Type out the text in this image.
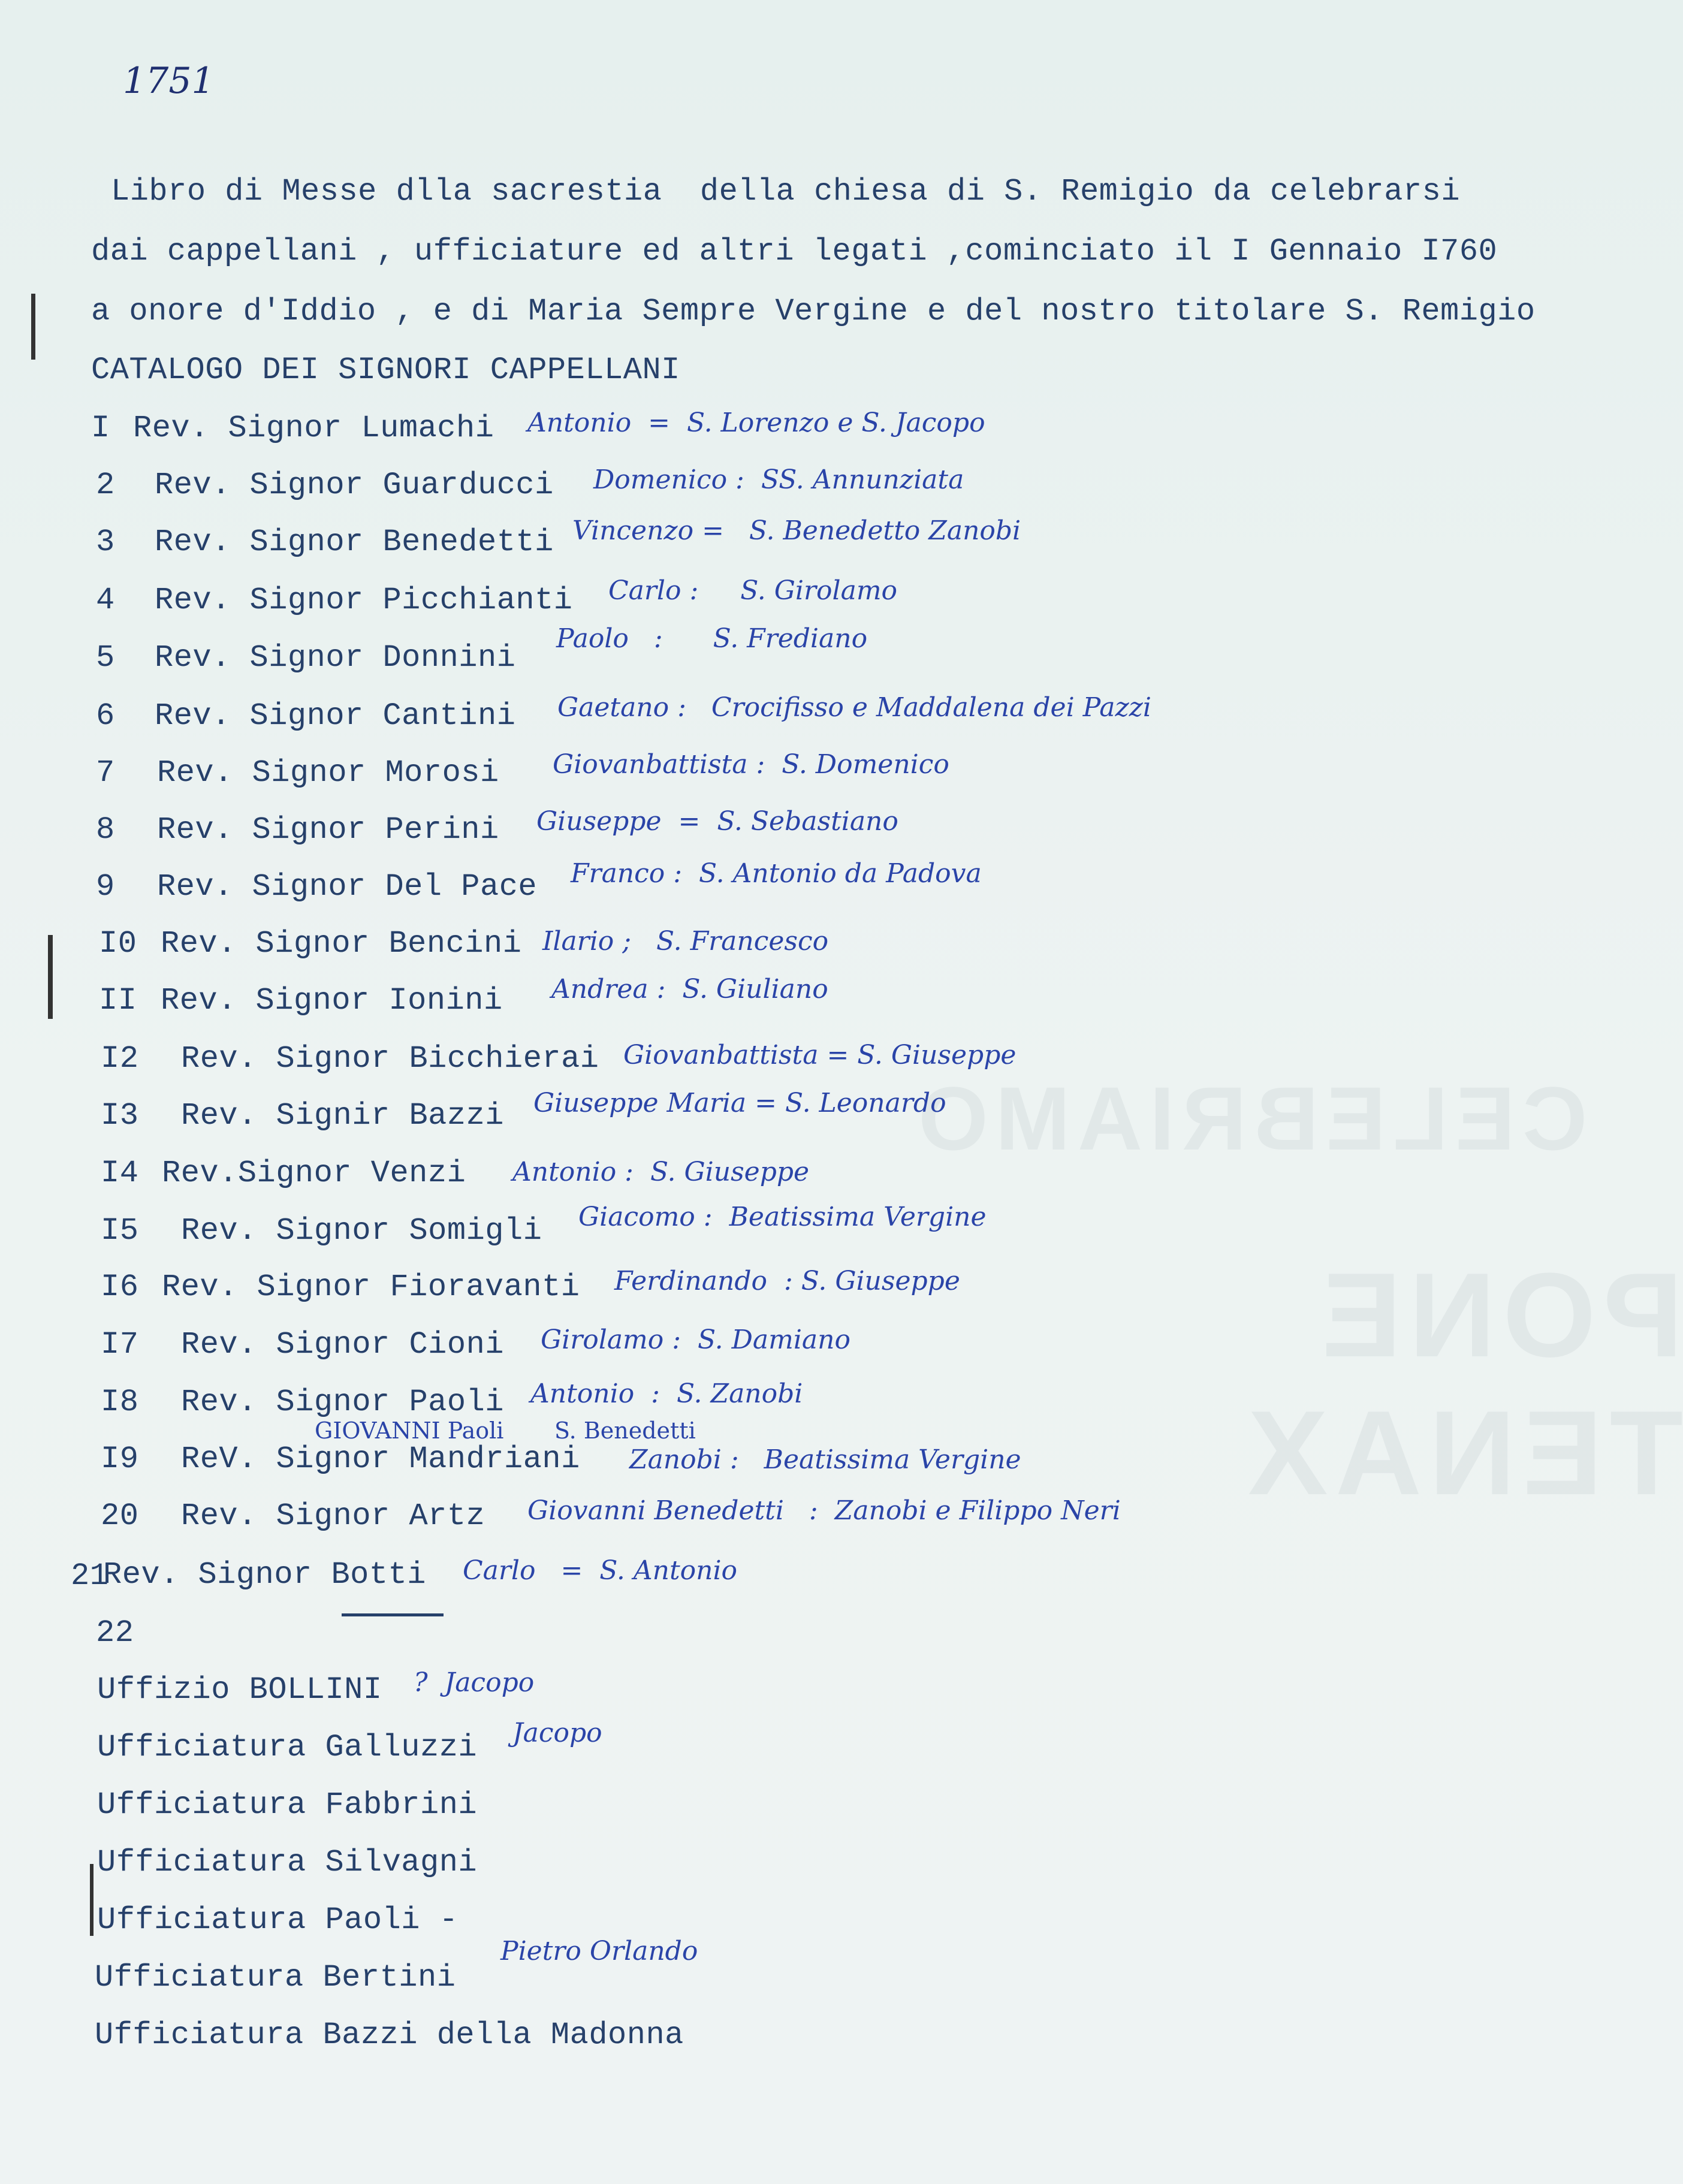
CELEBRIAMO
PONE TENAX
1751
Libro di Messe dlla sacrestia  della chiesa di S. Remigio da celebrarsi
dai cappellani , ufficiature ed altri legati ,cominciato il I Gennaio I760
a onore d'Iddio , e di Maria Sempre Vergine e del nostro titolare S. Remigio
CATALOGO DEI SIGNORI CAPPELLANI
I Rev. Signor Lumachi Antonio  =  S. Lorenzo e S. Jacopo
2 Rev. Signor Guarducci Domenico :  SS. Annunziata
3 Rev. Signor Benedetti Vincenzo =   S. Benedetto Zanobi
4 Rev. Signor Picchianti Carlo :     S. Girolamo
5 Rev. Signor Donnini
Paolo   :      S. Frediano
6 Rev. Signor Cantini Gaetano :   Crocifisso e Maddalena dei Pazzi
7 Rev. Signor Morosi Giovanbattista :  S. Domenico
8 Rev. Signor Perini Giuseppe  =  S. Sebastiano
9 Rev. Signor Del Pace Franco :  S. Antonio da Padova
I0 Rev. Signor Bencini Ilario ;   S. Francesco
II Rev. Signor Ionini Andrea :  S. Giuliano
I2 Rev. Signor Bicchierai Giovanbattista = S. Giuseppe
I3 Rev. Signir Bazzi Giuseppe Maria = S. Leonardo
I4 Rev.Signor Venzi Antonio :  S. Giuseppe
I5 Rev. Signor Somigli Giacomo :  Beatissima Vergine
I6 Rev. Signor Fioravanti Ferdinando  : S. Giuseppe
I7 Rev. Signor Cioni Girolamo :  S. Damiano
I8 Rev. Signor Paoli Antonio  :  S. Zanobi
GIOVANNI Paoli       S. Benedetti
I9 ReV. Signor Mandriani Zanobi :   Beatissima Vergine
20 Rev. Signor Artz Giovanni Benedetti   :  Zanobi e Filippo Neri
21
Rev. Signor Botti Carlo   =  S. Antonio
22
Uffizio BOLLINI ?  Jacopo
Ufficiatura Galluzzi Jacopo
Ufficiatura Fabbrini
Ufficiatura Silvagni
Ufficiatura Paoli -
Ufficiatura Bertini
Pietro Orlando
Ufficiatura Bazzi della Madonna
